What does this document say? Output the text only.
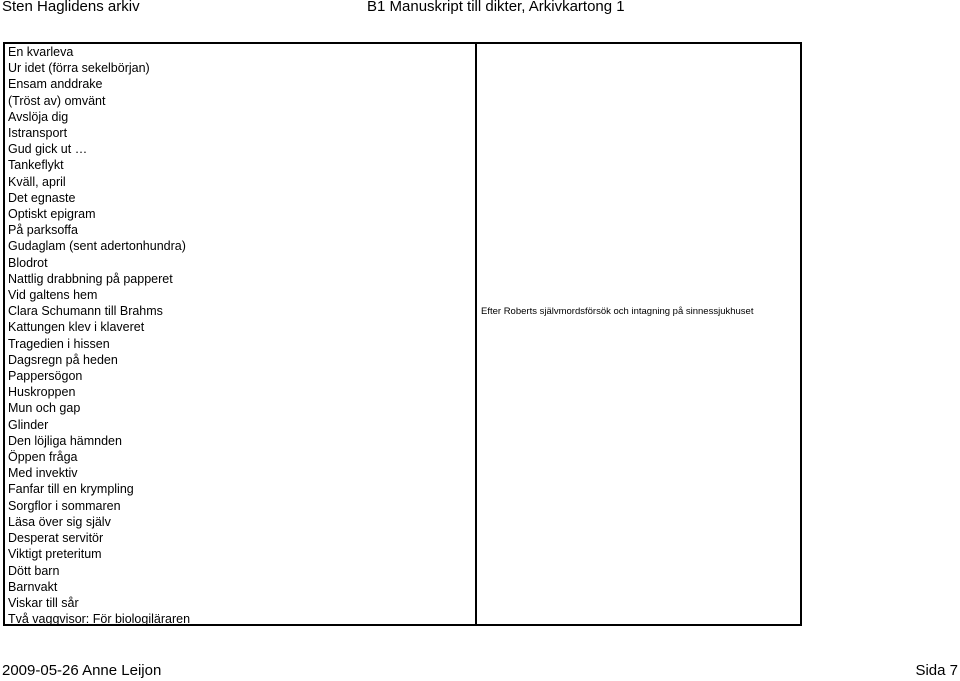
Sten Haglidens arkiv	B1 Manuskript till dikter, Arkivkartong 1
En kvarleva
Ur idet (förra sekelbörjan)
Ensam anddrake
(Tröst av) omvänt
Avslöja dig
Istransport
Gud gick ut …
Tankeflykt
Kväll, april
Det egnaste
Optiskt epigram
På parksoffa
Gudaglam (sent adertonhundra)
Blodrot
Nattlig drabbning på papperet
Vid galtens hem
Clara Schumann till Brahms
Kattungen klev i klaveret
Tragedien i hissen
Dagsregn på heden
Pappersögon
Huskroppen
Mun och gap
Glinder
Den löjliga hämnden
Öppen fråga
Med invektiv
Fanfar till en krympling
Sorgflor i sommaren
Läsa över sig själv
Desperat servitör
Viktigt preteritum
Dött barn
Barnvakt
Viskar till sår
Två vaggvisor: För biologiläraren
Efter Roberts självmordsförsök och intagning på sinnessjukhuset
2009-05-26 Anne Leijon	Sida 7
